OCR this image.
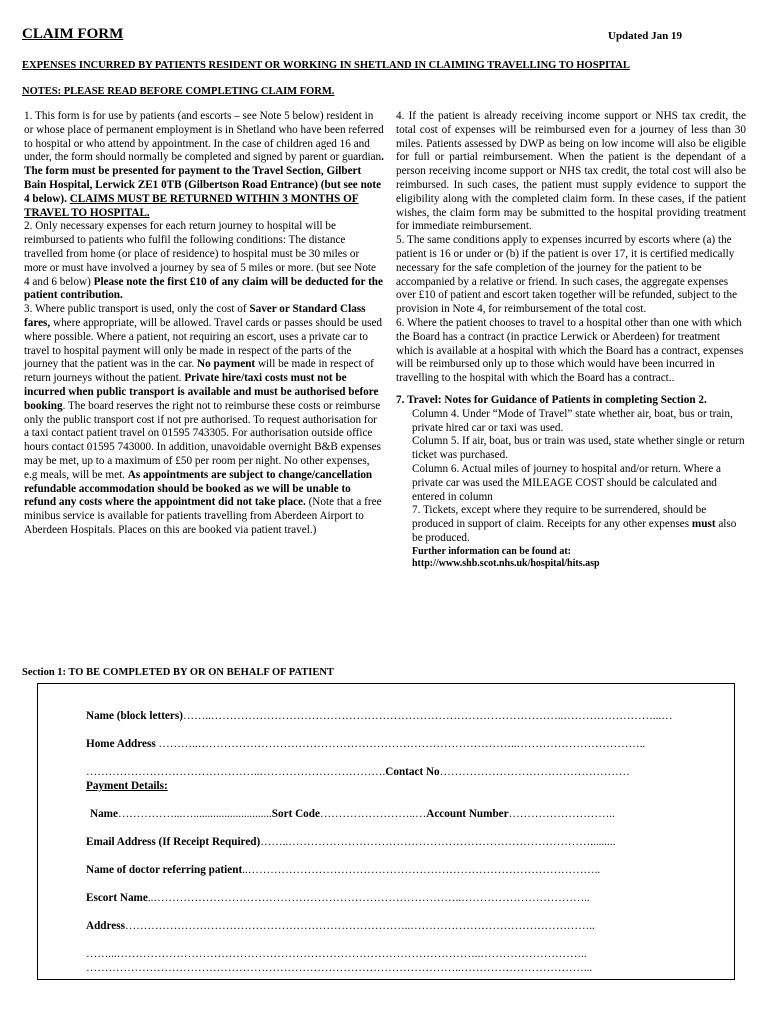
CLAIM FORM	Updated Jan 19
EXPENSES INCURRED BY PATIENTS RESIDENT OR WORKING IN SHETLAND IN CLAIMING TRAVELLING TO HOSPITAL
NOTES: PLEASE READ BEFORE COMPLETING CLAIM FORM.

1. This form is for use by patients (and escorts – see Note 5 below) resident in or whose place of permanent employment is in Shetland who have been referred to hospital or who attend by appointment. In the case of children aged 16 and under, the form should normally be completed and signed by parent or guardian. The form must be presented for payment to the Travel Section, Gilbert Bain Hospital, Lerwick ZE1 0TB (Gilbertson Road Entrance) (but see note 4 below). CLAIMS MUST BE RETURNED WITHIN 3 MONTHS OF TRAVEL TO HOSPITAL.

2. Only necessary expenses for each return journey to hospital will be reimbursed to patients who fulfil the following conditions: The distance travelled from home (or place of residence) to hospital must be 30 miles or more or must have involved a journey by sea of 5 miles or more. (but see Note 4 and 6 below) Please note the first £10 of any claim will be deducted for the patient contribution.

3. Where public transport is used, only the cost of Saver or Standard Class fares, where appropriate, will be allowed. Travel cards or passes should be used where possible. Where a patient, not requiring an escort, uses a private car to travel to hospital payment will only be made in respect of the parts of the journey that the patient was in the car. No payment will be made in respect of return journeys without the patient. Private hire/taxi costs must not be incurred when public transport is available and must be authorised before booking. The board reserves the right not to reimburse these costs or reimburse only the public transport cost if not pre authorised. To request authorisation for a taxi contact patient travel on 01595 743305. For authorisation outside office hours contact 01595 743000. In addition, unavoidable overnight B&B expenses may be met, up to a maximum of £50 per room per night. No other expenses, e.g meals, will be met. As appointments are subject to change/cancellation refundable accommodation should be booked as we will be unable to refund any costs where the appointment did not take place. (Note that a free minibus service is available for patients travelling from Aberdeen Airport to Aberdeen Hospitals. Places on this are booked via patient travel.)

4. If the patient is already receiving income support or NHS tax credit, the total cost of expenses will be reimbursed even for a journey of less than 30 miles. Patients assessed by DWP as being on low income will also be eligible for full or partial reimbursement. When the patient is the dependant of a person receiving income support or NHS tax credit, the total cost will also be reimbursed. In such cases, the patient must supply evidence to support the eligibility along with the completed claim form. In these cases, if the patient wishes, the claim form may be submitted to the hospital providing treatment for immediate reimbursement.

5. The same conditions apply to expenses incurred by escorts where (a) the patient is 16 or under or (b) if the patient is over 17, it is certified medically necessary for the safe completion of the journey for the patient to be accompanied by a relative or friend. In such cases, the aggregate expenses over £10 of patient and escort taken together will be refunded, subject to the provision in Note 4, for reimbursement of the total cost.

6. Where the patient chooses to travel to a hospital other than one with which the Board has a contract (in practice Lerwick or Aberdeen) for treatment which is available at a hospital with which the Board has a contract, expenses will be reimbursed only up to those which would have been incurred in travelling to the hospital with which the Board has a contract..

7. Travel: Notes for Guidance of Patients in completing Section 2.

Column 4. Under “Mode of Travel” state whether air, boat, bus or train, private hired car or taxi was used.

Column 5. If air, boat, bus or train was used, state whether single or return ticket was purchased.

Column 6. Actual miles of journey to hospital and/or return. Where a private car was used the MILEAGE COST should be calculated and entered in column

7. Tickets, except where they require to be surrendered, should be produced in support of claim. Receipts for any other expenses must also be produced.

Further information can be found at:

http://www.shb.scot.nhs.uk/hospital/hits.asp

Section 1: TO BE COMPLETED BY OR ON BEHALF OF PATIENT
Name (block letters)……..…………………………………………………………………………………..……………………...…
Home Address ………..…………………………………………………………………………..……………………………..
………………………………………..…………………………….Contact No……………………………………………
Payment Details:
Name……………...…............................Sort Code……………………..…Account Number………………………..
Email Address (If Receipt Required)……..……………………………………………………………………….........
Name of doctor referring patient..…………………………………………………………………………………..
Escort Name..………………………………………………………………………..……………………………..
Address…………………………………………………………………..…………………………………………..
……...……………………………………………………………………………………..………………………..
………………………………………………………………………………………..……………………………...
